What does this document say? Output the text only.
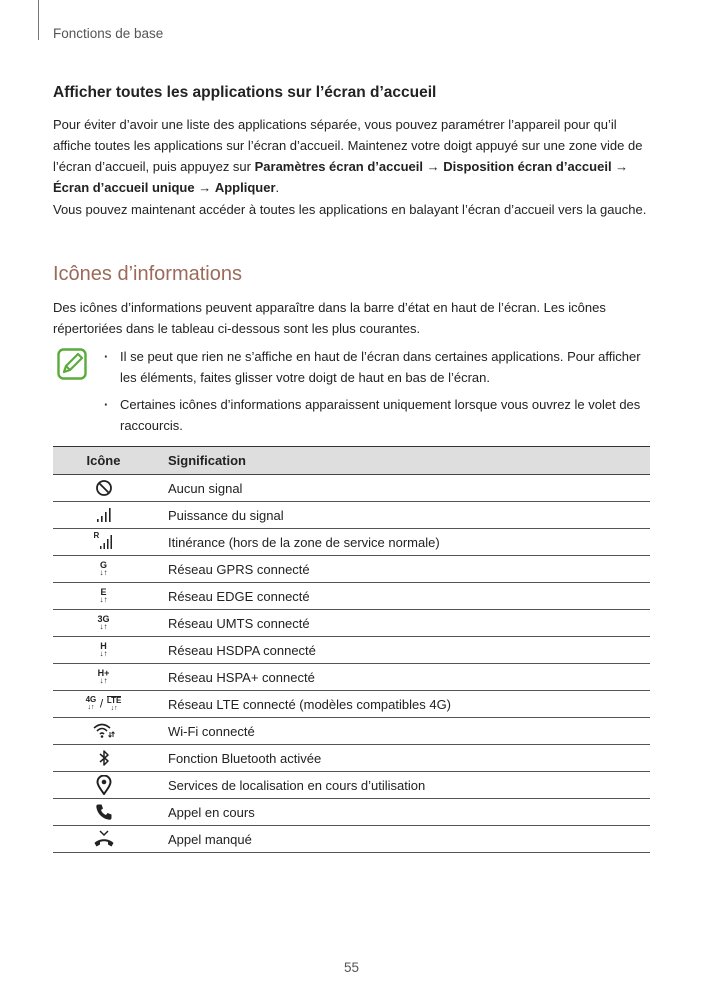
Fonctions de base
Afficher toutes les applications sur l’écran d’accueil
Pour éviter d’avoir une liste des applications séparée, vous pouvez paramétrer l’appareil pour qu’il affiche toutes les applications sur l’écran d’accueil. Maintenez votre doigt appuyé sur une zone vide de l’écran d’accueil, puis appuyez sur Paramètres écran d’accueil → Disposition écran d’accueil → Écran d’accueil unique → Appliquer.
Vous pouvez maintenant accéder à toutes les applications en balayant l’écran d’accueil vers la gauche.
Icônes d’informations
Des icônes d’informations peuvent apparaître dans la barre d’état en haut de l’écran. Les icônes répertoriées dans le tableau ci-dessous sont les plus courantes.
· Il se peut que rien ne s’affiche en haut de l’écran dans certaines applications. Pour afficher les éléments, faites glisser votre doigt de haut en bas de l’écran.
· Certaines icônes d’informations apparaissent uniquement lorsque vous ouvrez le volet des raccourcis.
Icône	Signification
	Aucun signal
	Puissance du signal

R	Itinérance (hors de la zone de service normale)

G
↓↑	Réseau GPRS connecté

E
↓↑	Réseau EDGE connecté

3G
↓↑	Réseau UMTS connecté

H
↓↑	Réseau HSDPA connecté

H+
↓↑	Réseau HSPA+ connecté

4G
↓↑ / LTE
↓↑	Réseau LTE connecté (modèles compatibles 4G)
	Wi-Fi connecté
	Fonction Bluetooth activée
	Services de localisation en cours d’utilisation
	Appel en cours
	Appel manqué
55
